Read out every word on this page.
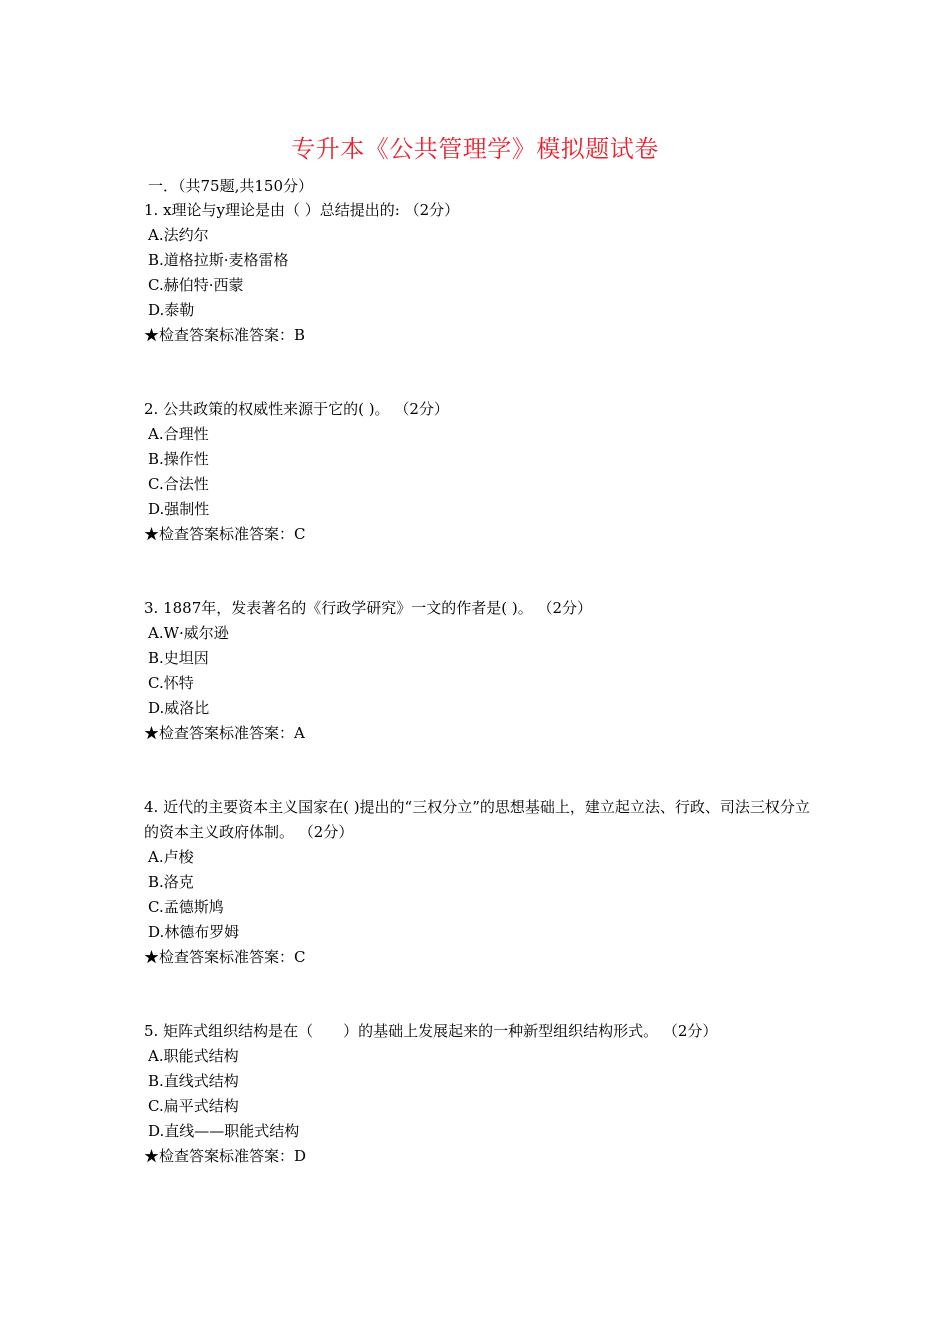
专升本《公共管理学》模拟题试卷
一．（共75题,共150分）

1. x理论与y理论是由（ ）总结提出的: （2分）

A.法约尔

B.道格拉斯·麦格雷格

C.赫伯特·西蒙

D.泰勒

★检查答案标准答案：B

2. 公共政策的权威性来源于它的( )。 （2分）

A.合理性

B.操作性

C.合法性

D.强制性

★检查答案标准答案：C

3. 1887年，发表著名的《行政学研究》一文的作者是( )。 （2分）

A.W·威尔逊

B.史坦因

C.怀特

D.威洛比

★检查答案标准答案：A

4. 近代的主要资本主义国家在( )提出的“三权分立”的思想基础上，建立起立法、行政、司法三权分立的资本主义政府体制。 （2分）

A.卢梭

B.洛克

C.孟德斯鸠

D.林德布罗姆

★检查答案标准答案：C

5. 矩阵式组织结构是在（　　）的基础上发展起来的一种新型组织结构形式。 （2分）

A.职能式结构

B.直线式结构

C.扁平式结构

D.直线——职能式结构

★检查答案标准答案：D
